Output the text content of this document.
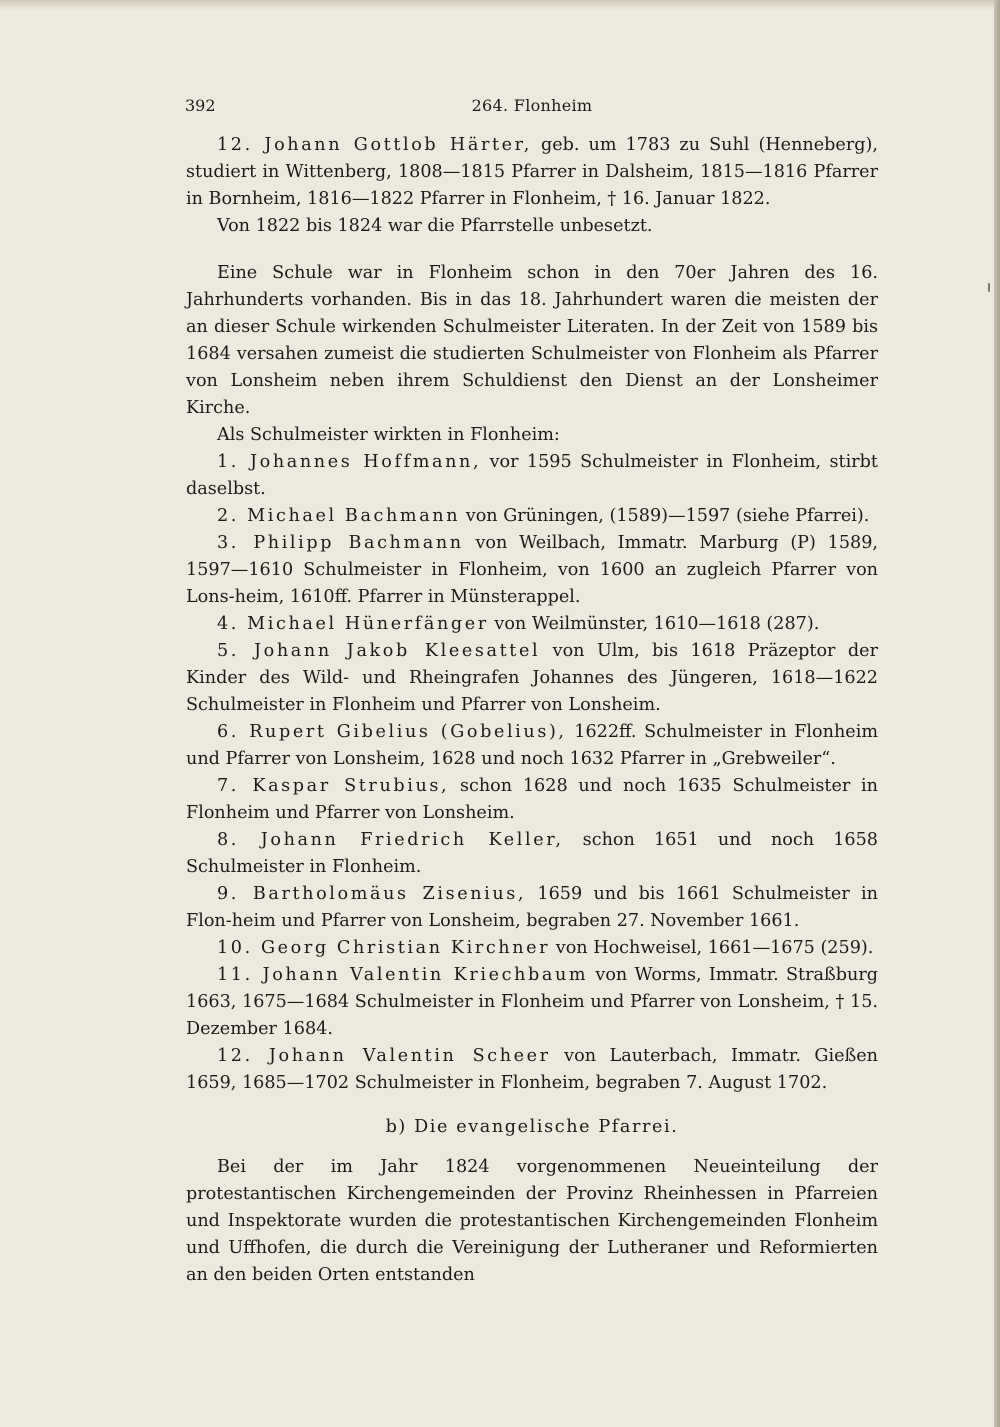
392	264. Flonheim

12. Johann Gottlob Härter, geb. um 1783 zu Suhl (Henneberg), studiert in Wittenberg, 1808—1815 Pfarrer in Dalsheim, 1815—1816 Pfarrer in Bornheim, 1816—1822 Pfarrer in Flonheim, † 16. Januar 1822.

Von 1822 bis 1824 war die Pfarrstelle unbesetzt.

Eine Schule war in Flonheim schon in den 70er Jahren des 16. Jahrhunderts vorhanden. Bis in das 18. Jahrhundert waren die meisten der an dieser Schule wirkenden Schulmeister Literaten. In der Zeit von 1589 bis 1684 versahen zumeist die studierten Schulmeister von Flonheim als Pfarrer von Lonsheim neben ihrem Schuldienst den Dienst an der Lonsheimer Kirche.

Als Schulmeister wirkten in Flonheim:

1. Johannes Hoffmann, vor 1595 Schulmeister in Flonheim, stirbt daselbst.

2. Michael Bachmann von Grüningen, (1589)—1597 (siehe Pfarrei).

3. Philipp Bachmann von Weilbach, Immatr. Marburg (P) 1589, 1597—1610 Schulmeister in Flonheim, von 1600 an zugleich Pfarrer von Lons-heim, 1610ff. Pfarrer in Münsterappel.

4. Michael Hünerfänger von Weilmünster, 1610—1618 (287).

5. Johann Jakob Kleesattel von Ulm, bis 1618 Präzeptor der Kinder des Wild- und Rheingrafen Johannes des Jüngeren, 1618—1622 Schulmeister in Flonheim und Pfarrer von Lonsheim.

6. Rupert Gibelius (Gobelius), 1622ff. Schulmeister in Flonheim und Pfarrer von Lonsheim, 1628 und noch 1632 Pfarrer in „Grebweiler“.

7. Kaspar Strubius, schon 1628 und noch 1635 Schulmeister in Flonheim und Pfarrer von Lonsheim.

8. Johann Friedrich Keller, schon 1651 und noch 1658 Schulmeister in Flonheim.

9. Bartholomäus Zisenius, 1659 und bis 1661 Schulmeister in Flon-heim und Pfarrer von Lonsheim, begraben 27. November 1661.

10. Georg Christian Kirchner von Hochweisel, 1661—1675 (259).

11. Johann Valentin Kriechbaum von Worms, Immatr. Straßburg 1663, 1675—1684 Schulmeister in Flonheim und Pfarrer von Lonsheim, † 15. Dezember 1684.

12. Johann Valentin Scheer von Lauterbach, Immatr. Gießen 1659, 1685—1702 Schulmeister in Flonheim, begraben 7. August 1702.

b) Die evangelische Pfarrei.

Bei der im Jahr 1824 vorgenommenen Neueinteilung der protestantischen Kirchengemeinden der Provinz Rheinhessen in Pfarreien und Inspektorate wurden die protestantischen Kirchengemeinden Flonheim und Uffhofen, die durch die Vereinigung der Lutheraner und Reformierten an den beiden Orten entstanden
